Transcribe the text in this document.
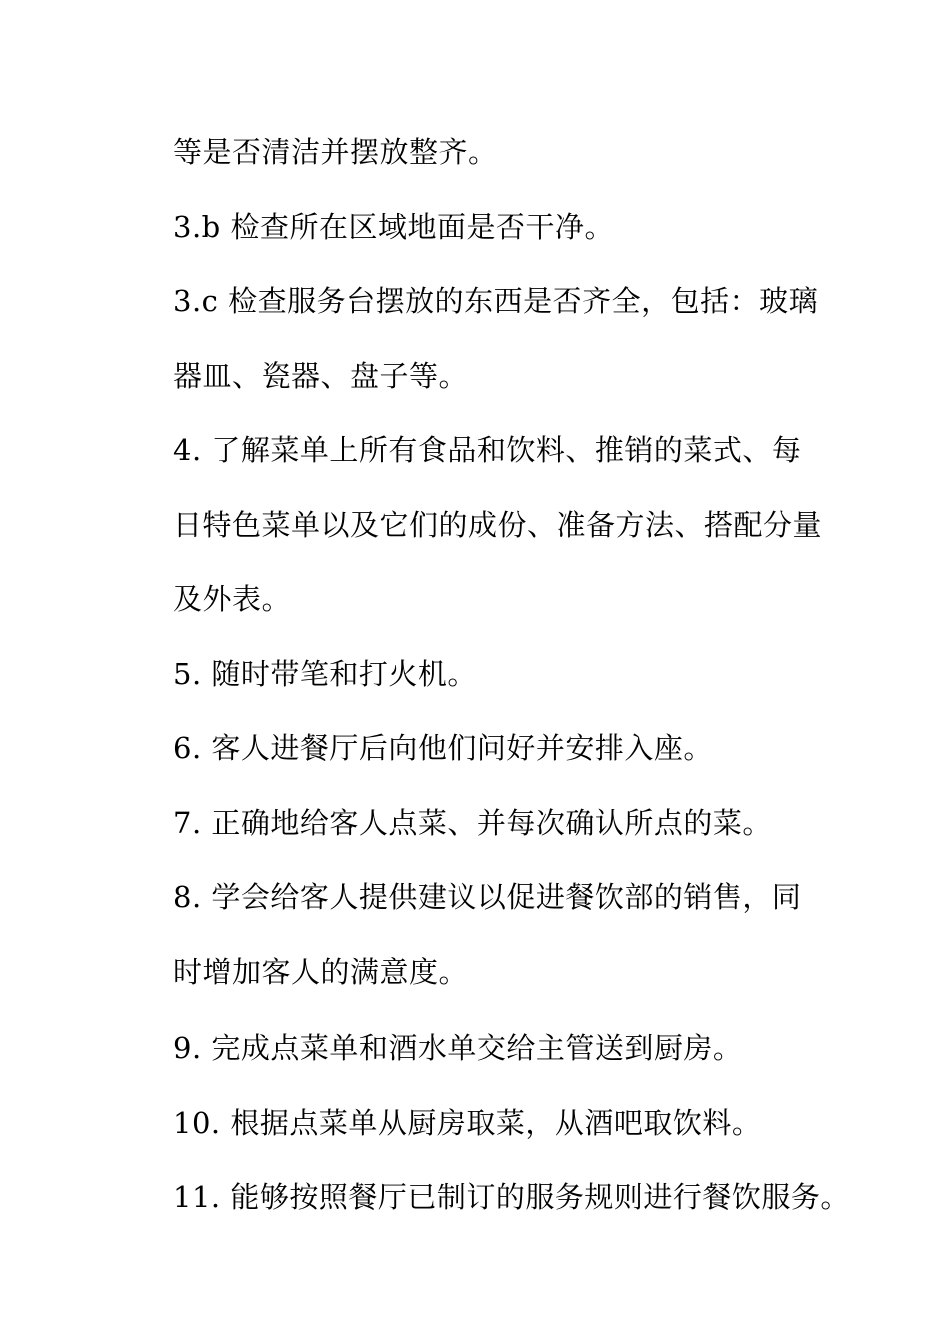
等是否清洁并摆放整齐。
3.b 检查所在区域地面是否干净。
3.c 检查服务台摆放的东西是否齐全，包括：玻璃
器皿、瓷器、盘子等。
4. 了解菜单上所有食品和饮料、推销的菜式、每
日特色菜单以及它们的成份、准备方法、搭配分量
及外表。
5. 随时带笔和打火机。
6. 客人进餐厅后向他们问好并安排入座。
7. 正确地给客人点菜、并每次确认所点的菜。
8. 学会给客人提供建议以促进餐饮部的销售，同
时增加客人的满意度。
9. 完成点菜单和酒水单交给主管送到厨房。
10. 根据点菜单从厨房取菜，从酒吧取饮料。
11. 能够按照餐厅已制订的服务规则进行餐饮服务。
